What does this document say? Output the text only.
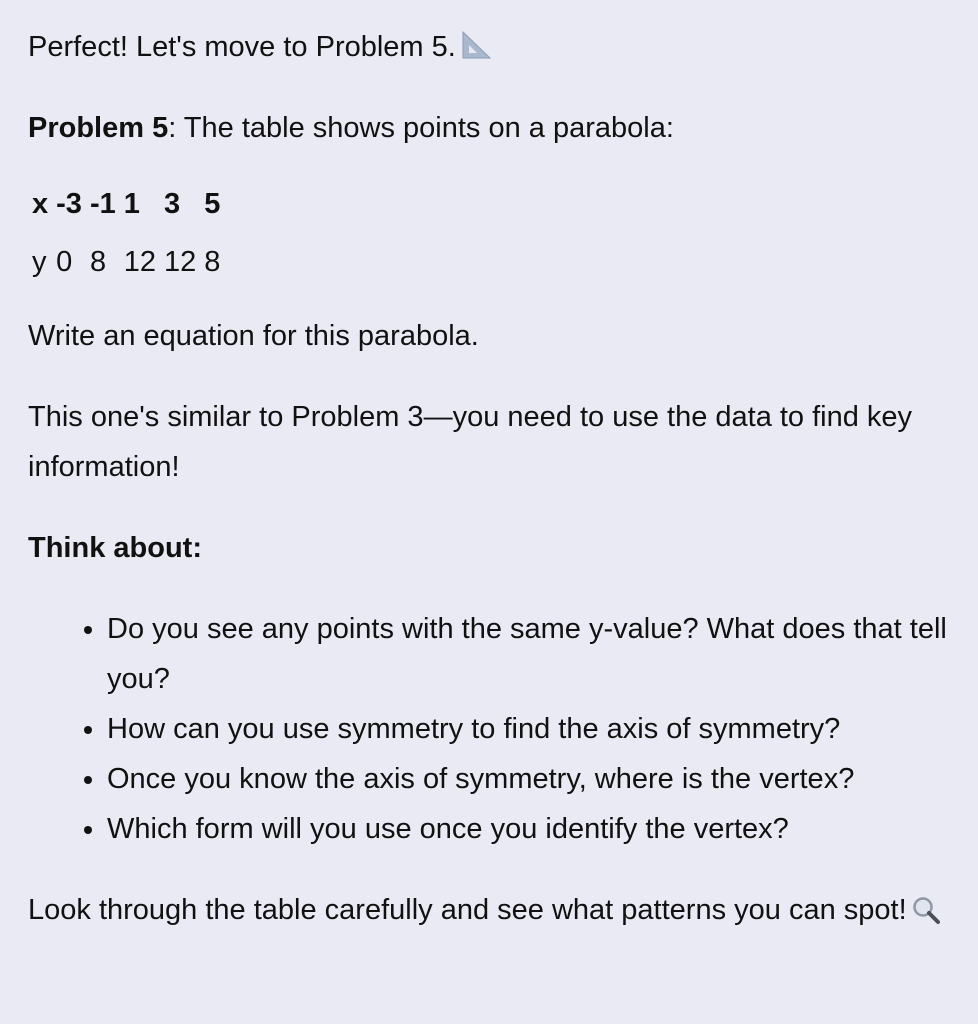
Perfect! Let's move to Problem 5.

Problem 5: The table shows points on a parabola:

x	-3	-1	1	3	5
y	0	8	12	12	8

Write an equation for this parabola.

This one's similar to Problem 3—you need to use the data to find key information!

Think about:

• Do you see any points with the same y-value? What does that tell you?
• How can you use symmetry to find the axis of symmetry?
• Once you know the axis of symmetry, where is the vertex?
• Which form will you use once you identify the vertex?

Look through the table carefully and see what patterns you can spot!
